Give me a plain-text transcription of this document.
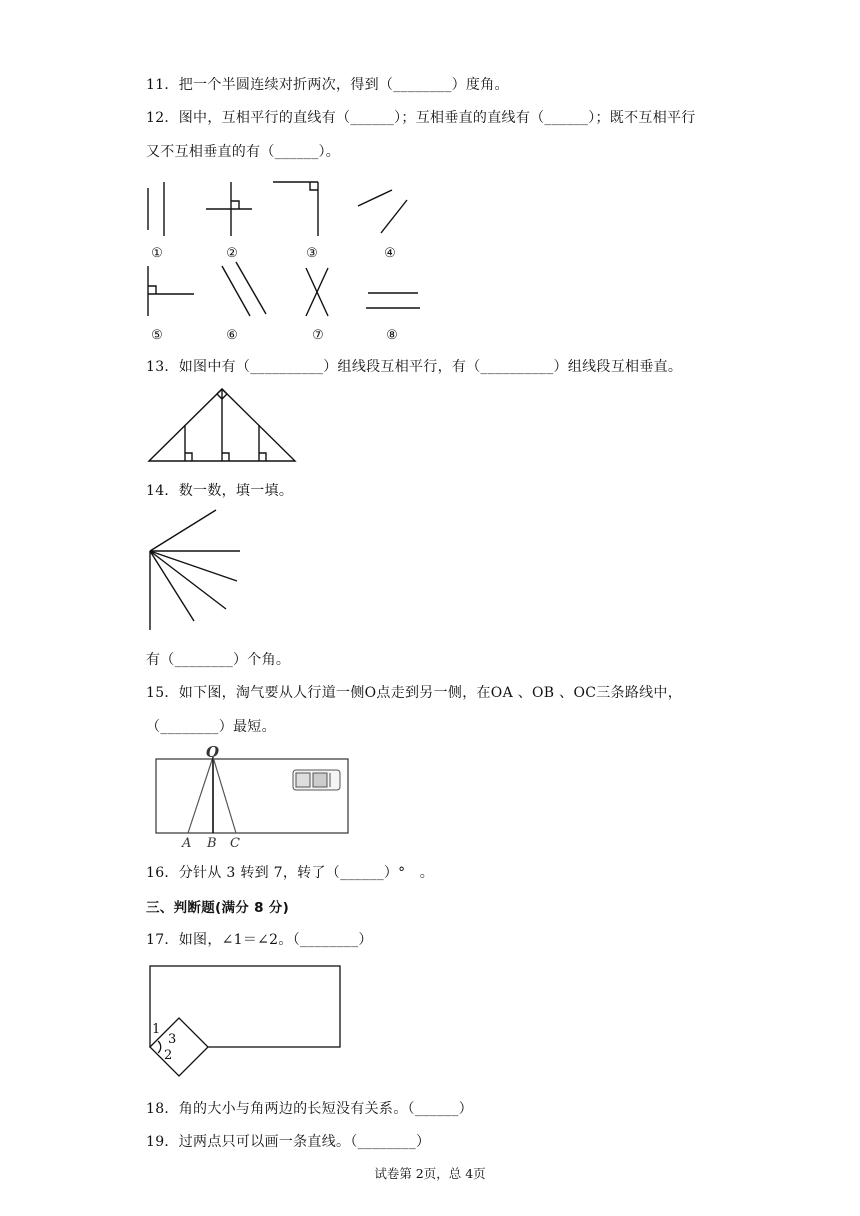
11．把一个半圆连续对折两次，得到（________）度角。
12．图中，互相平行的直线有（______）；互相垂直的直线有（______）；既不互相平行
又不互相垂直的有（______）。
①	②	③	④
⑤	⑥	⑦	⑧
13．如图中有（__________）组线段互相平行，有（__________）组线段互相垂直。
14．数一数，填一填。
有（________）个角。
15．如下图，淘气要从人行道一侧O点走到另一侧，在OA 、OB 、OC三条路线中，
（________）最短。
O
A B C
16．分针从 3 转到 7，转了（______）°　。
三、判断题(满分 8 分)
17．如图，∠1＝∠2。（________）
1
3
2
18．角的大小与角两边的长短没有关系。（______）
19．过两点只可以画一条直线。（________）
试卷第 2页，总 4页
